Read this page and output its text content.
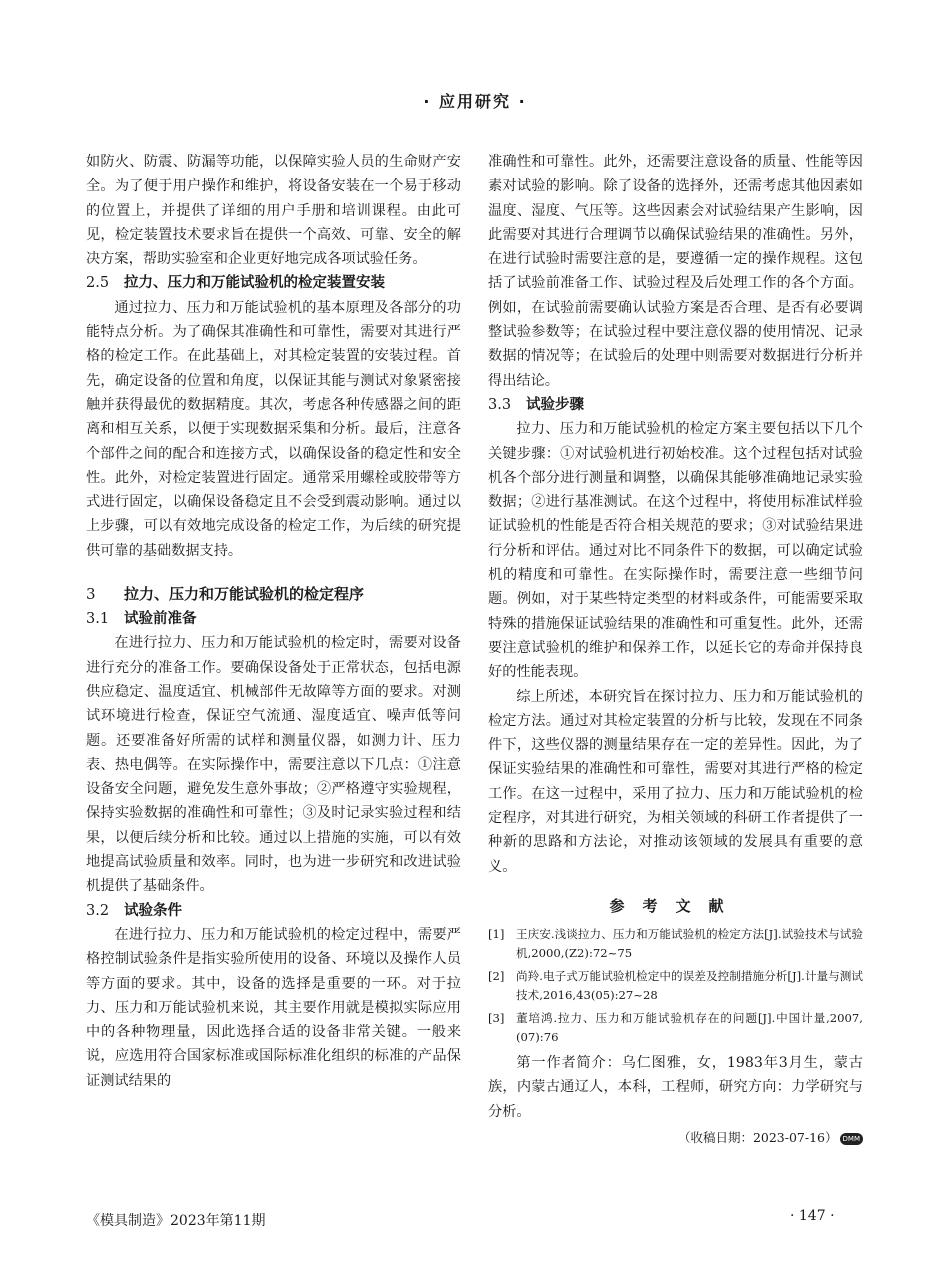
· 应用研究 ·

如防火、防震、防漏等功能，以保障实验人员的生命财产安全。为了便于用户操作和维护，将设备安装在一个易于移动的位置上，并提供了详细的用户手册和培训课程。由此可见，检定装置技术要求旨在提供一个高效、可靠、安全的解决方案，帮助实验室和企业更好地完成各项试验任务。

2.5 拉力、压力和万能试验机的检定装置安装

通过拉力、压力和万能试验机的基本原理及各部分的功能特点分析。为了确保其准确性和可靠性，需要对其进行严格的检定工作。在此基础上，对其检定装置的安装过程。首先，确定设备的位置和角度，以保证其能与测试对象紧密接触并获得最优的数据精度。其次，考虑各种传感器之间的距离和相互关系，以便于实现数据采集和分析。最后，注意各个部件之间的配合和连接方式，以确保设备的稳定性和安全性。此外，对检定装置进行固定。通常采用螺栓或胶带等方式进行固定，以确保设备稳定且不会受到震动影响。通过以上步骤，可以有效地完成设备的检定工作，为后续的研究提供可靠的基础数据支持。

3 拉力、压力和万能试验机的检定程序
3.1 试验前准备

在进行拉力、压力和万能试验机的检定时，需要对设备进行充分的准备工作。要确保设备处于正常状态，包括电源供应稳定、温度适宜、机械部件无故障等方面的要求。对测试环境进行检查，保证空气流通、湿度适宜、噪声低等问题。还要准备好所需的试样和测量仪器，如测力计、压力表、热电偶等。在实际操作中，需要注意以下几点：①注意设备安全问题，避免发生意外事故；②严格遵守实验规程，保持实验数据的准确性和可靠性；③及时记录实验过程和结果，以便后续分析和比较。通过以上措施的实施，可以有效地提高试验质量和效率。同时，也为进一步研究和改进试验机提供了基础条件。

3.2 试验条件

在进行拉力、压力和万能试验机的检定过程中，需要严格控制试验条件是指实验所使用的设备、环境以及操作人员等方面的要求。其中，设备的选择是重要的一环。对于拉力、压力和万能试验机来说，其主要作用就是模拟实际应用中的各种物理量，因此选择合适的设备非常关键。一般来说，应选用符合国家标准或国际标准化组织的标准的产品保证测试结果的

准确性和可靠性。此外，还需要注意设备的质量、性能等因素对试验的影响。除了设备的选择外，还需考虑其他因素如温度、湿度、气压等。这些因素会对试验结果产生影响，因此需要对其进行合理调节以确保试验结果的准确性。另外，在进行试验时需要注意的是，要遵循一定的操作规程。这包括了试验前准备工作、试验过程及后处理工作的各个方面。例如，在试验前需要确认试验方案是否合理、是否有必要调整试验参数等；在试验过程中要注意仪器的使用情况、记录数据的情况等；在试验后的处理中则需要对数据进行分析并得出结论。

3.3 试验步骤

拉力、压力和万能试验机的检定方案主要包括以下几个关键步骤：①对试验机进行初始校准。这个过程包括对试验机各个部分进行测量和调整，以确保其能够准确地记录实验数据；②进行基准测试。在这个过程中，将使用标准试样验证试验机的性能是否符合相关规范的要求；③对试验结果进行分析和评估。通过对比不同条件下的数据，可以确定试验机的精度和可靠性。在实际操作时，需要注意一些细节问题。例如，对于某些特定类型的材料或条件，可能需要采取特殊的措施保证试验结果的准确性和可重复性。此外，还需要注意试验机的维护和保养工作，以延长它的寿命并保持良好的性能表现。

综上所述，本研究旨在探讨拉力、压力和万能试验机的检定方法。通过对其检定装置的分析与比较，发现在不同条件下，这些仪器的测量结果存在一定的差异性。因此，为了保证实验结果的准确性和可靠性，需要对其进行严格的检定工作。在这一过程中，采用了拉力、压力和万能试验机的检定程序，对其进行研究，为相关领域的科研工作者提供了一种新的思路和方法论，对推动该领域的发展具有重要的意义。

参考文献
[1] 王庆安.浅谈拉力、压力和万能试验机的检定方法[J].试验技术与试验机,2000,(Z2):72~75
[2] 尚羚.电子式万能试验机检定中的误差及控制措施分析[J].计量与测试技术,2016,43(05):27~28
[3] 董培鸿.拉力、压力和万能试验机存在的问题[J].中国计量,2007,(07):76

第一作者简介：乌仁图雅，女，1983年3月生，蒙古族，内蒙古通辽人，本科，工程师，研究方向：力学研究与分析。

（收稿日期：2023-07-16） DMM
《模具制造》2023年第11期	· 147 ·
